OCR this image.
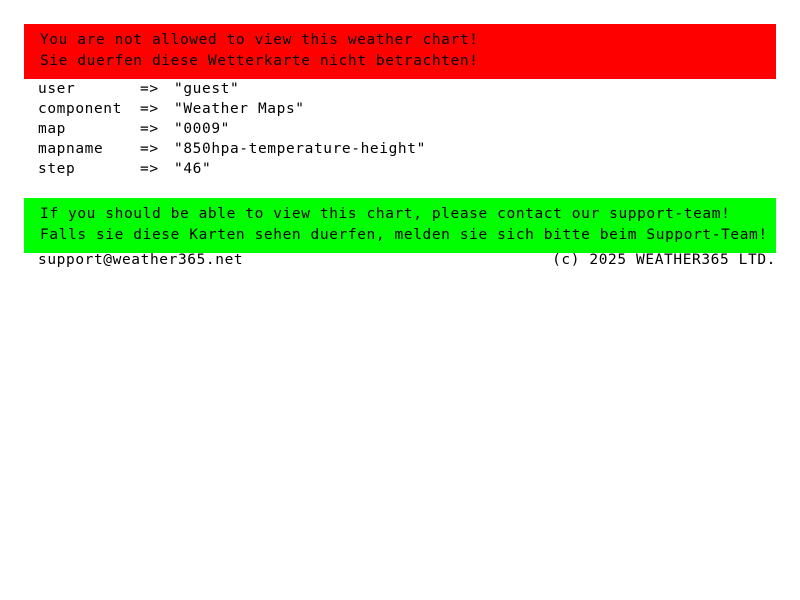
You are not allowed to view this weather chart!
Sie duerfen diese Wetterkarte nicht betrachten!
user	=>	"guest"
component	=>	"Weather Maps"
map	=>	"0009"
mapname	=>	"850hpa-temperature-height"
step	=>	"46"
If you should be able to view this chart, please contact our support-team!
Falls sie diese Karten sehen duerfen, melden sie sich bitte beim Support-Team!
support@weather365.net	(c) 2025 WEATHER365 LTD.
